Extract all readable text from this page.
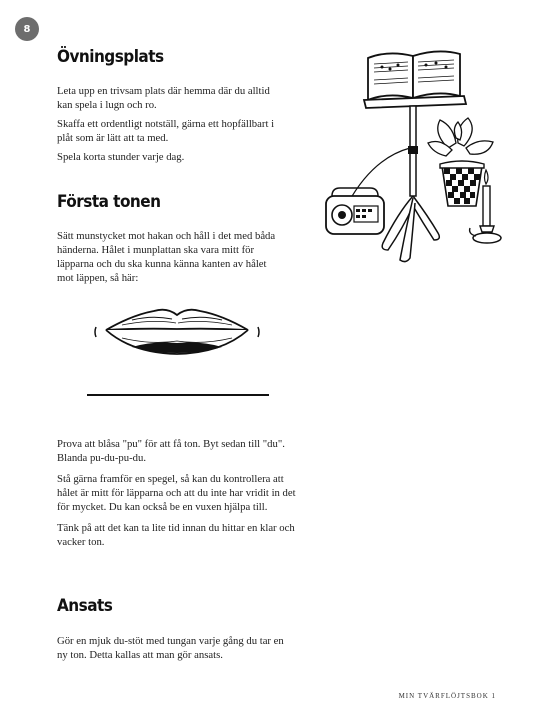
8
Övningsplats

Leta upp en trivsam plats där hemma där du alltid kan spela i lugn och ro.

Skaffa ett ordentligt notställ, gärna ett hopfällbart i plåt som är lätt att ta med.

Spela korta stunder varje dag.

Första tonen

Sätt munstycket mot hakan och håll i det med båda händerna. Hålet i munplattan ska vara mitt för läpparna och du ska kunna känna kanten av hålet mot läppen, så här:

Prova att blåsa "pu" för att få ton. Byt sedan till "du". Blanda pu-du-pu-du.

Stå gärna framför en spegel, så kan du kontrollera att hålet är mitt för läpparna och att du inte har vridit in det för mycket. Du kan också be en vuxen hjälpa till.

Tänk på att det kan ta lite tid innan du hittar en klar och vacker ton.

Ansats

Gör en mjuk du-stöt med tungan varje gång du tar en ny ton. Detta kallas att man gör ansats.

MIN TVÄRFLÖJTSBOK 1
